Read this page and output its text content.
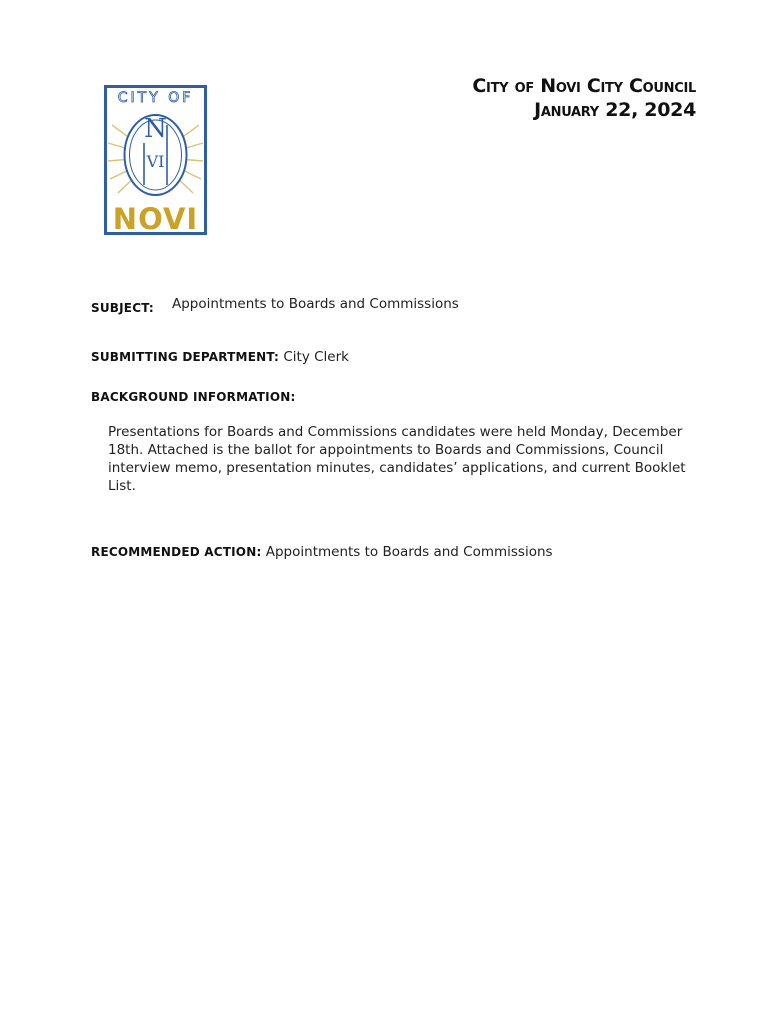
CITY OF
N
VI
NOVI
City of Novi City Council
January 22, 2024
SUBJECT: Appointments to Boards and Commissions
SUBMITTING DEPARTMENT: City Clerk
BACKGROUND INFORMATION:
Presentations for Boards and Commissions candidates were held Monday, December 18th. Attached is the ballot for appointments to Boards and Commissions, Council interview memo, presentation minutes, candidates’ applications, and current Booklet List.
RECOMMENDED ACTION: Appointments to Boards and Commissions
